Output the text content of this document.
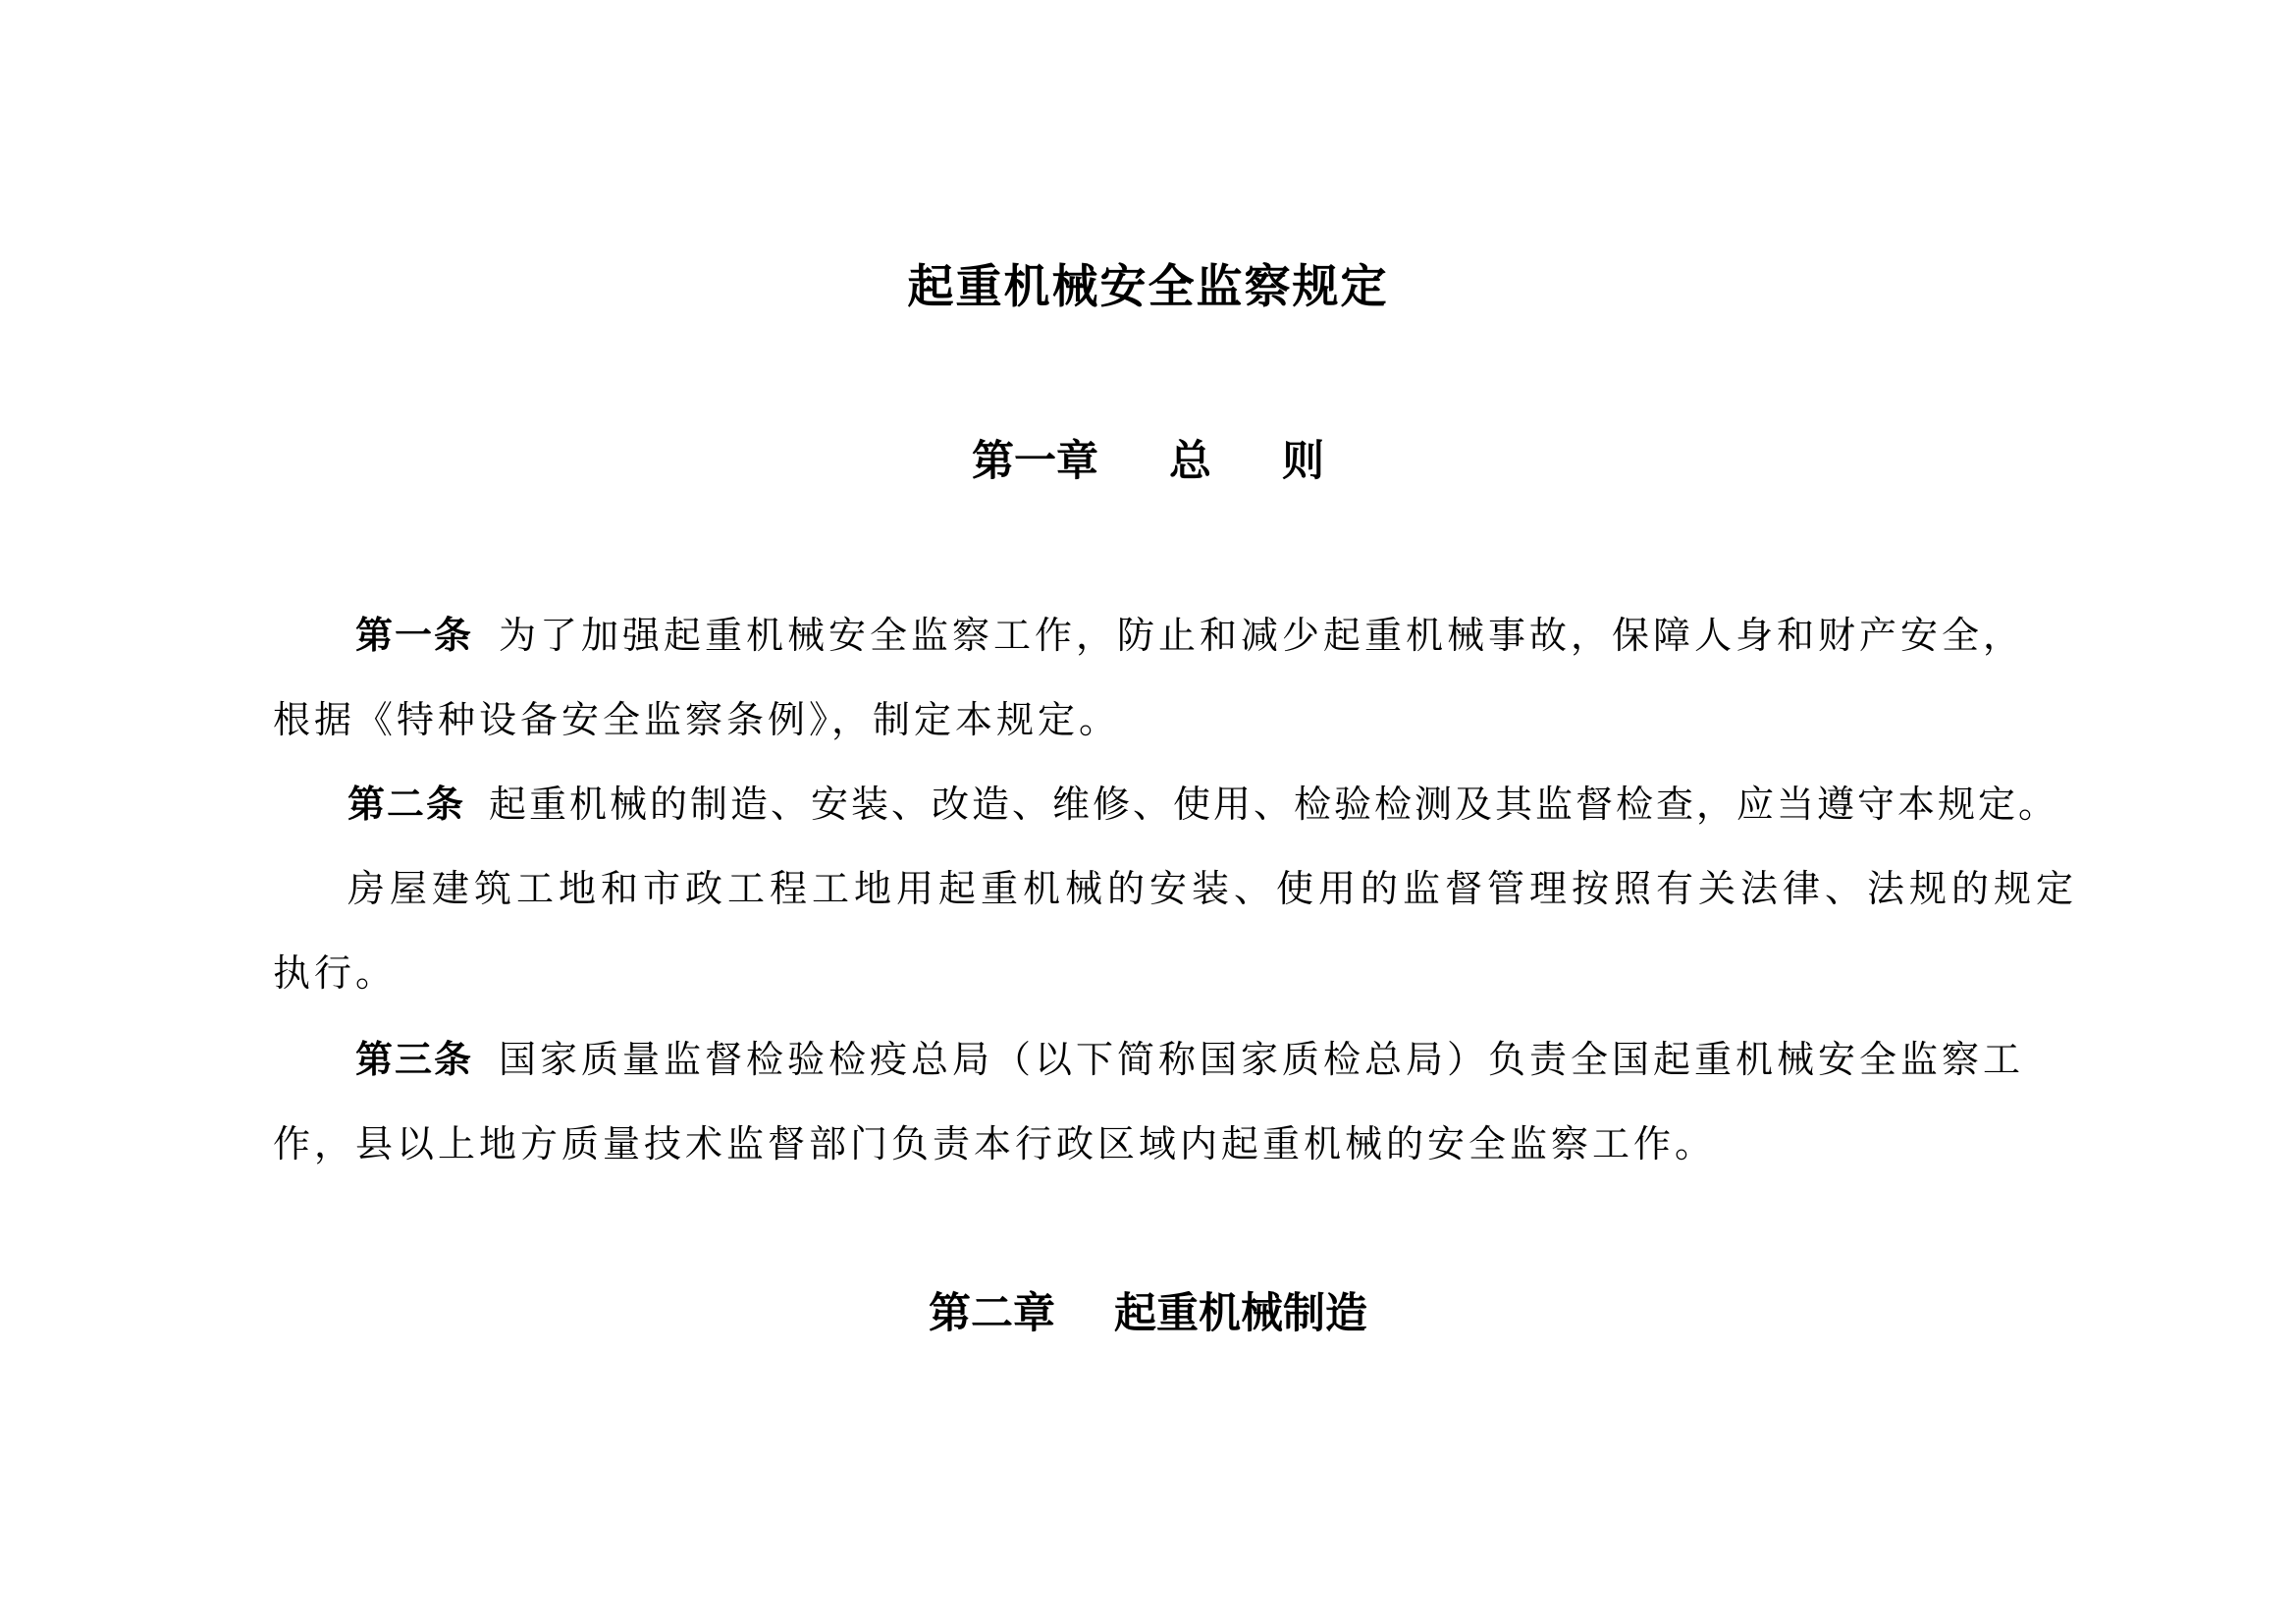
起重机械安全监察规定
第一章 总 则
第一条 为了加强起重机械安全监察工作，防止和减少起重机械事故，保障人身和财产安全，
根据《特种设备安全监察条例》，制定本规定。
第二条 起重机械的制造、安装、改造、维修、使用、检验检测及其监督检查，应当遵守本规定。
房屋建筑工地和市政工程工地用起重机械的安装、使用的监督管理按照有关法律、法规的规定
执行。
第三条 国家质量监督检验检疫总局（以下简称国家质检总局）负责全国起重机械安全监察工
作，县以上地方质量技术监督部门负责本行政区域内起重机械的安全监察工作。
第二章 起重机械制造
